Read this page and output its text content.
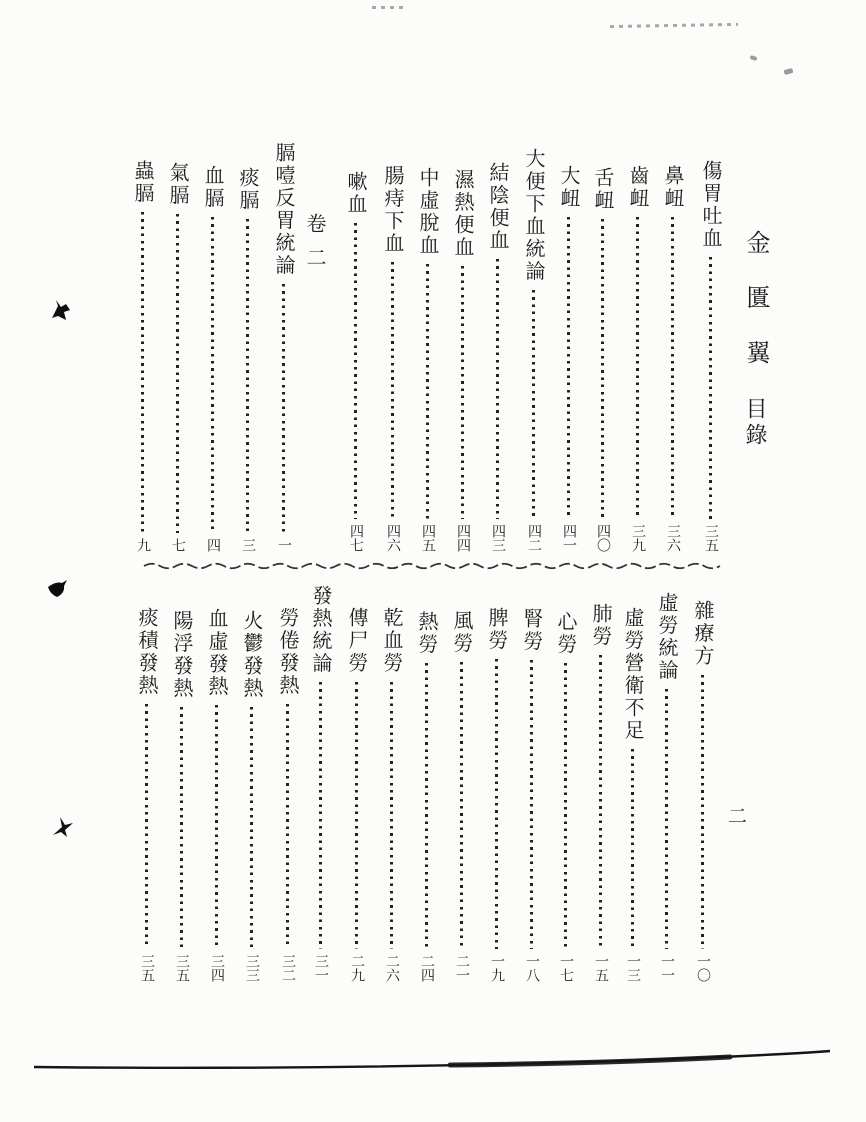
金匱翼
目錄
二
傷胃吐血
三五
鼻衄
三六
齒衄
三九
舌衄
四〇
大衄
四一
大便下血統論
四二
結陰便血
四三
濕熱便血
四四
中虛脫血
四五
腸痔下血
四六
嗽血
四七
卷二
膈噎反胃統論
一
痰膈
三
血膈
四
氣膈
七
蟲膈
九
雜療方
一〇
虛勞統論
一一
虛勞營衛不足
一三
肺勞
一五
心勞
一七
腎勞
一八
脾勞
一九
風勞
二一
熱勞
二四
乾血勞
二六
傳尸勞
二九
發熱統論
三一
勞倦發熱
三二
火鬱發熱
三三
血虛發熱
三四
陽浮發熱
三五
痰積發熱
三五
